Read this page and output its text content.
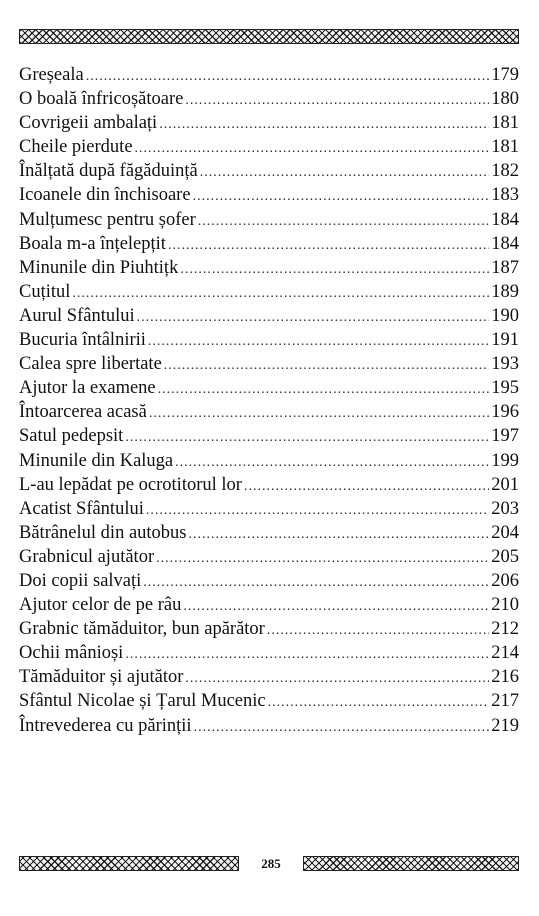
Greșeala .....	179
O boală înfricoșătoare .....	180
Covrigeii ambalați .....	181
Cheile pierdute .....	181
Înălțată după făgăduință .....	182
Icoanele din închisoare .....	183
Mulțumesc pentru șofer .....	184
Boala m-a înțelepțit .....	184
Minunile din Piuhtițk .....	187
Cuțitul .....	189
Aurul Sfântului .....	190
Bucuria întâlnirii .....	191
Calea spre libertate .....	193
Ajutor la examene .....	195
Întoarcerea acasă .....	196
Satul pedepsit .....	197
Minunile din Kaluga .....	199
L-au lepădat pe ocrotitorul lor .....	201
Acatist Sfântului .....	203
Bătrânelul din autobus .....	204
Grabnicul ajutător .....	205
Doi copii salvați .....	206
Ajutor celor de pe râu .....	210
Grabnic tămăduitor, bun apărător .....	212
Ochii mânioși .....	214
Tămăduitor și ajutător .....	216
Sfântul Nicolae și Țarul Mucenic .....	217
Întrevederea cu părinții .....	219
285
